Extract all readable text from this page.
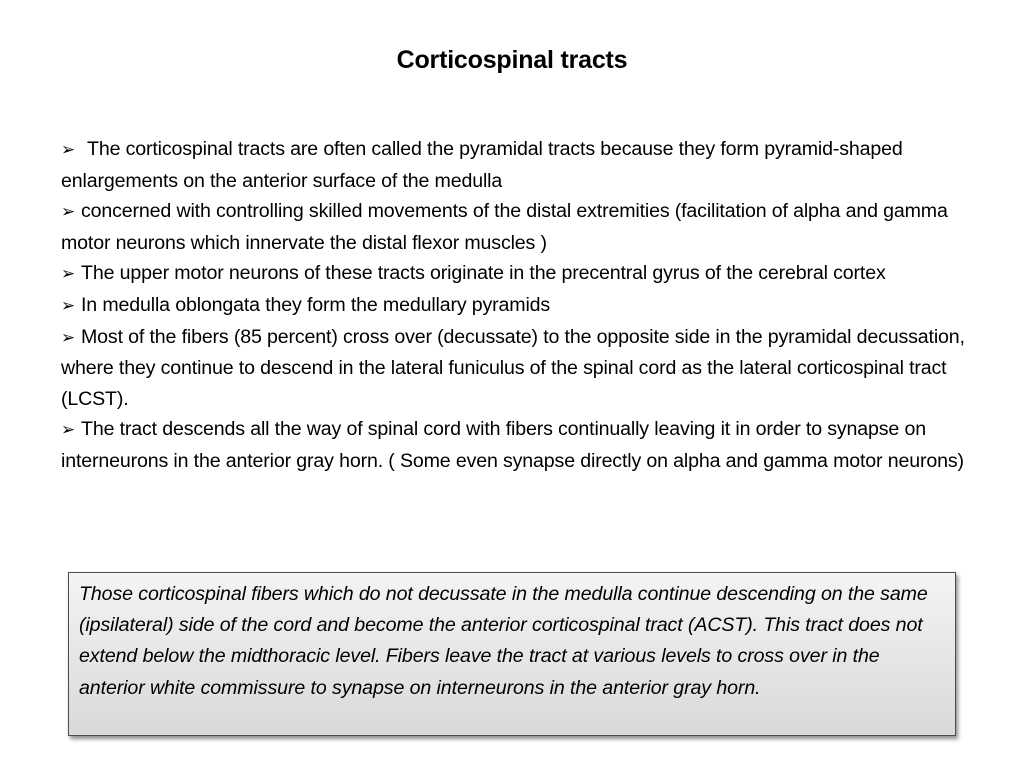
Corticospinal tracts
➢ The corticospinal tracts are often called the pyramidal tracts because they form pyramid-shaped enlargements on the anterior surface of the medulla
➢ concerned with controlling skilled movements of the distal extremities (facilitation of alpha and gamma motor neurons which innervate the distal flexor muscles )
➢ The upper motor neurons of these tracts originate in the precentral gyrus of the cerebral cortex
➢ In medulla oblongata they form the medullary pyramids
➢ Most of the fibers (85 percent) cross over (decussate) to the opposite side in the pyramidal decussation, where they continue to descend in the lateral funiculus of the spinal cord as the lateral corticospinal tract (LCST).
➢ The tract descends all the way of spinal cord with fibers continually leaving it in order to synapse on interneurons in the anterior gray horn. ( Some even synapse directly on alpha and gamma motor neurons)

Those corticospinal fibers which do not decussate in the medulla continue descending on the same (ipsilateral) side of the cord and become the anterior corticospinal tract (ACST). This tract does not extend below the midthoracic level. Fibers leave the tract at various levels to cross over in the anterior white commissure to synapse on interneurons in the anterior gray horn.
